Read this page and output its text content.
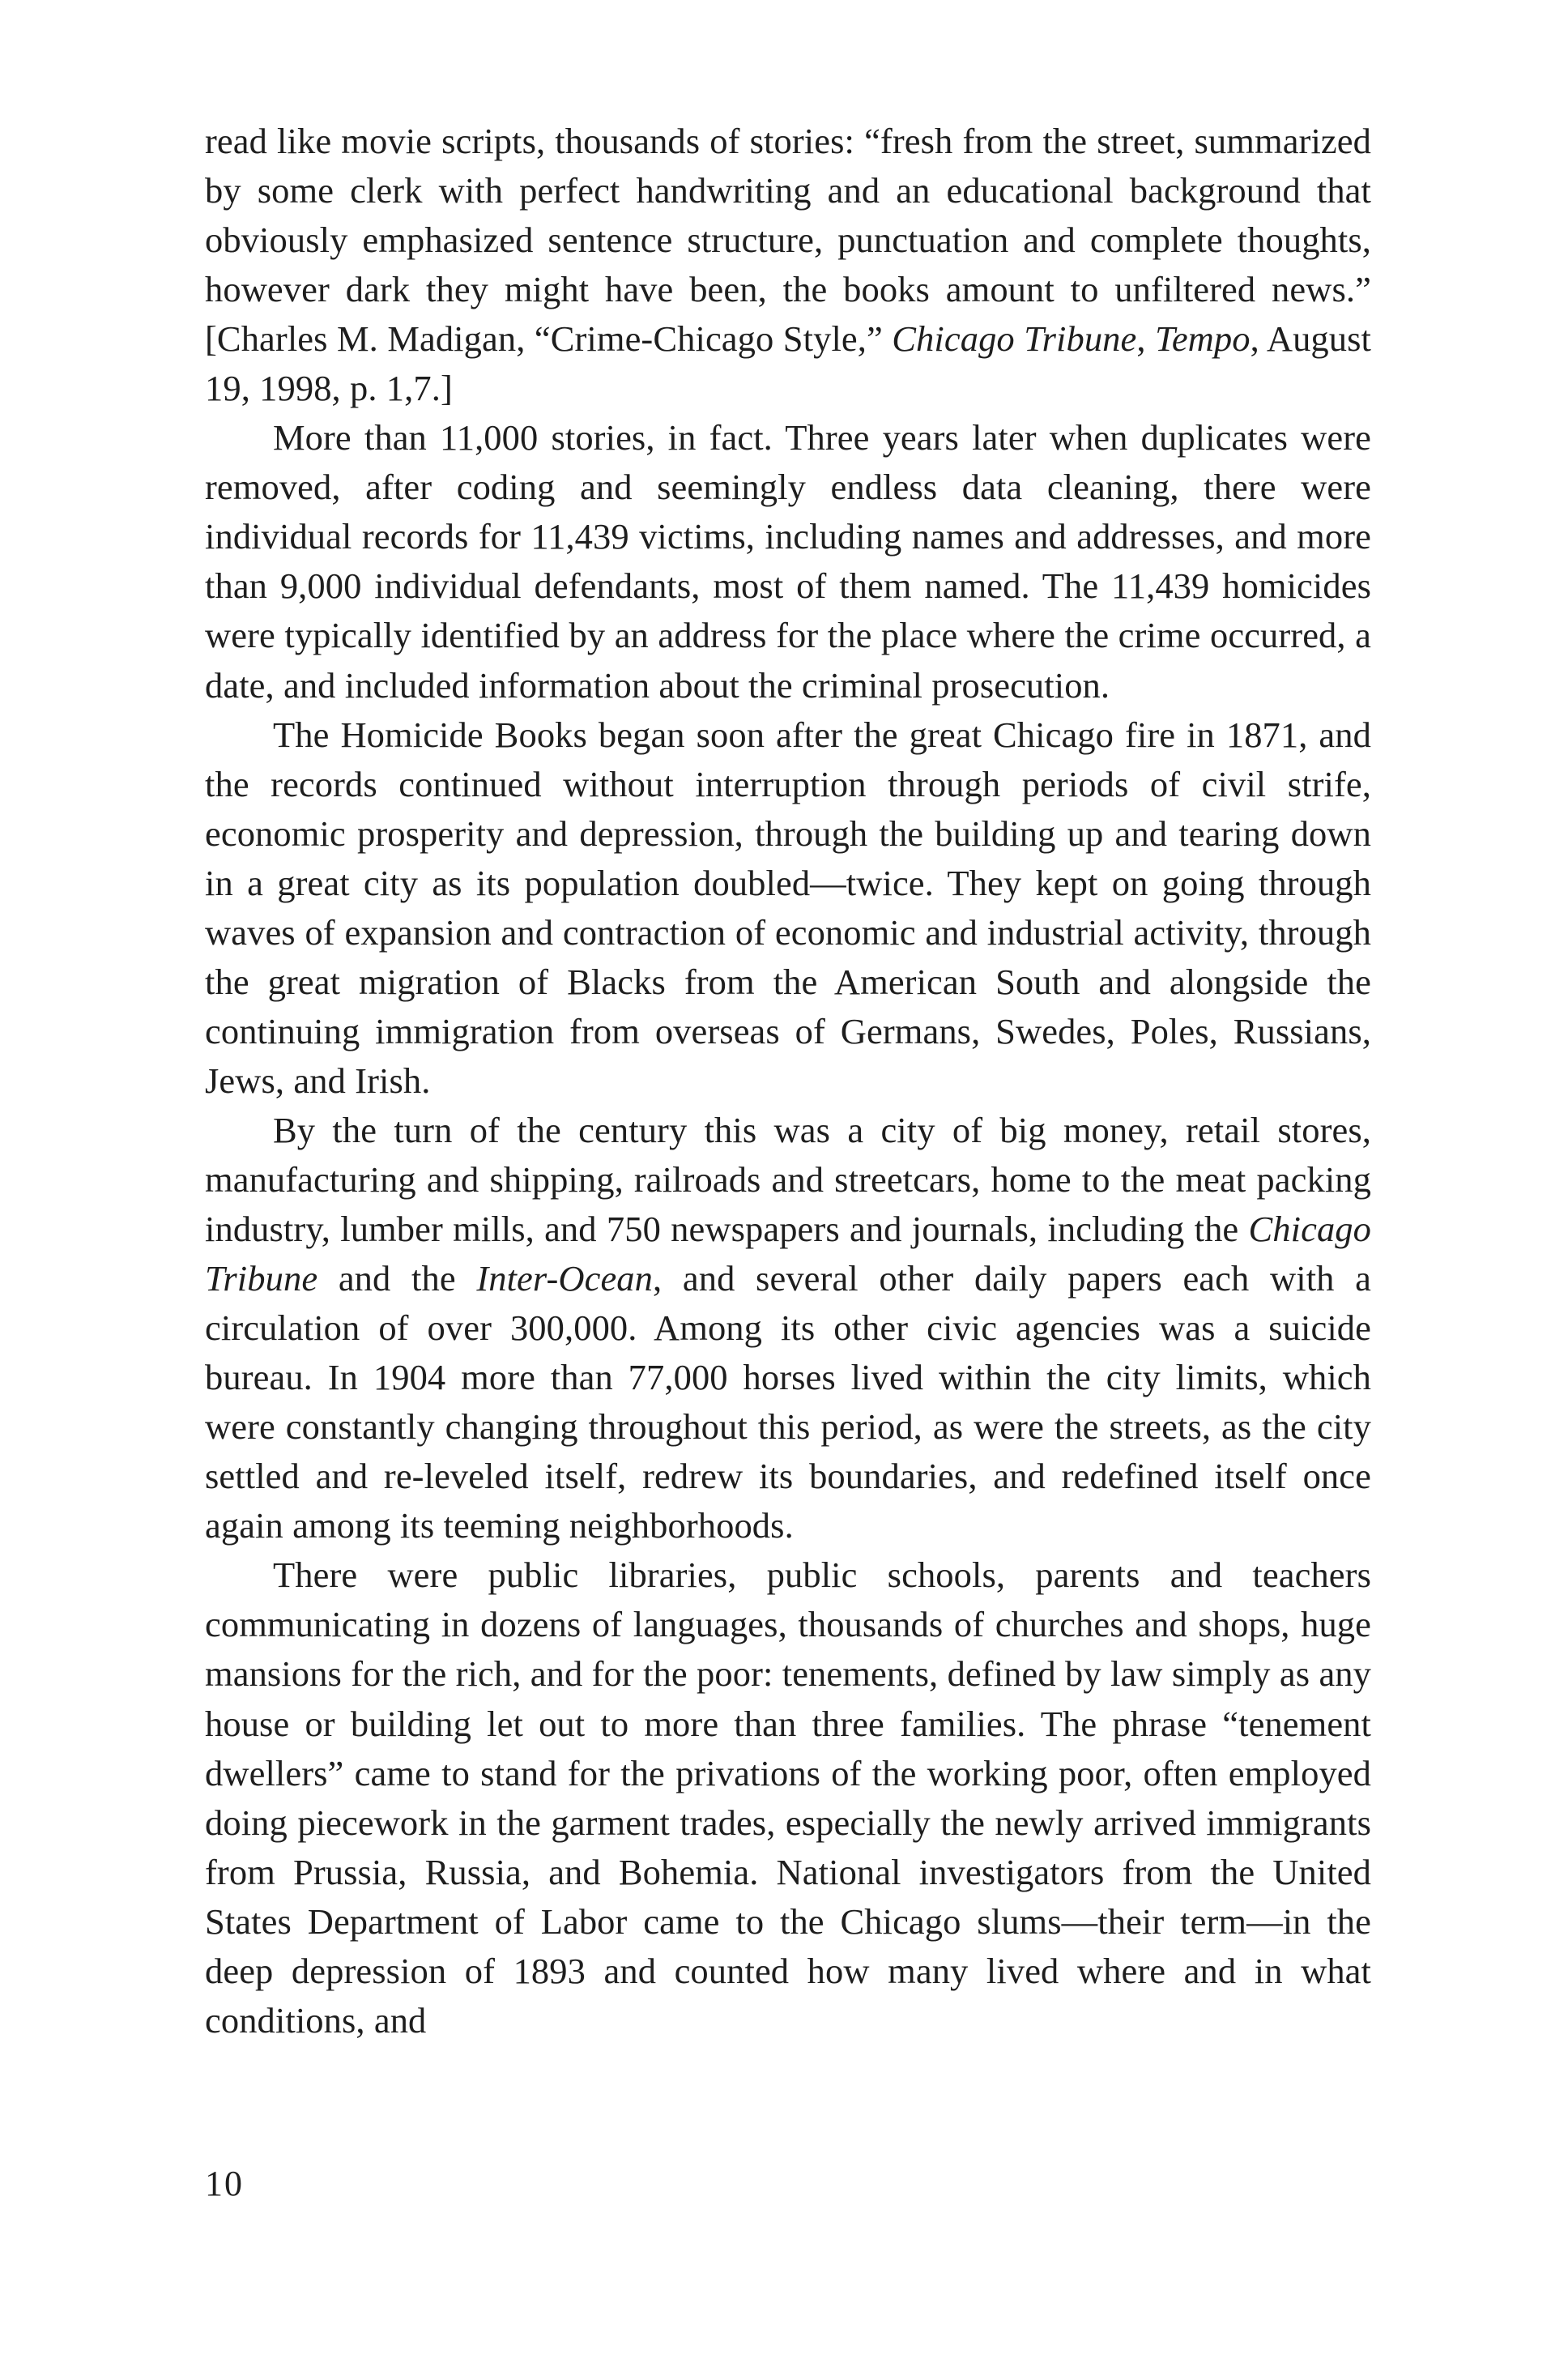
read like movie scripts, thousands of stories: “fresh from the street, summarized by some clerk with perfect handwriting and an educational background that obviously emphasized sentence structure, punctuation and complete thoughts, however dark they might have been, the books amount to unfiltered news.” [Charles M. Madigan, “Crime-Chicago Style,” Chicago Tribune, Tempo, August 19, 1998, p. 1,7.]

More than 11,000 stories, in fact. Three years later when duplicates were removed, after coding and seemingly endless data cleaning, there were individual records for 11,439 victims, including names and addresses, and more than 9,000 individual defendants, most of them named. The 11,439 homicides were typically identified by an address for the place where the crime occurred, a date, and included information about the criminal prosecution.

The Homicide Books began soon after the great Chicago fire in 1871, and the records continued without interruption through periods of civil strife, economic prosperity and depression, through the building up and tearing down in a great city as its population doubled—twice. They kept on going through waves of expansion and contraction of economic and industrial activity, through the great migration of Blacks from the American South and alongside the continuing immigration from overseas of Germans, Swedes, Poles, Russians, Jews, and Irish.

By the turn of the century this was a city of big money, retail stores, manufacturing and shipping, railroads and streetcars, home to the meat packing industry, lumber mills, and 750 newspapers and journals, including the Chicago Tribune and the Inter-Ocean, and several other daily papers each with a circulation of over 300,000. Among its other civic agencies was a suicide bureau. In 1904 more than 77,000 horses lived within the city limits, which were constantly changing throughout this period, as were the streets, as the city settled and re-leveled itself, redrew its boundaries, and redefined itself once again among its teeming neighborhoods.

There were public libraries, public schools, parents and teachers communicating in dozens of languages, thousands of churches and shops, huge mansions for the rich, and for the poor: tenements, defined by law simply as any house or building let out to more than three families. The phrase “tenement dwellers” came to stand for the privations of the working poor, often employed doing piecework in the garment trades, especially the newly arrived immigrants from Prussia, Russia, and Bohemia. National investigators from the United States Department of Labor came to the Chicago slums—their term—in the deep depression of 1893 and counted how many lived where and in what conditions, and

10
